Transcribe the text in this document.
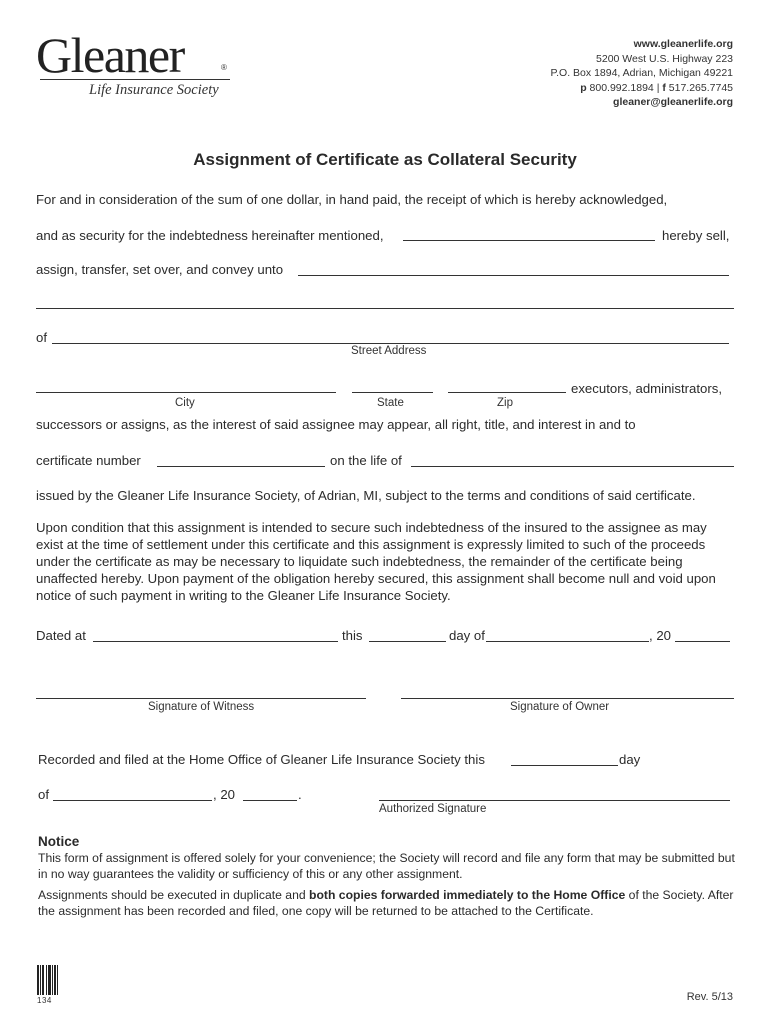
Gleaner	®
Life Insurance Society
www.gleanerlife.org
5200 West U.S. Highway 223
P.O. Box 1894, Adrian, Michigan 49221
p 800.992.1894 | f 517.265.7745
gleaner@gleanerlife.org
Assignment of Certificate as Collateral Security
For and in consideration of the sum of one dollar, in hand paid, the receipt of which is hereby acknowledged,
and as security for the indebtedness hereinafter mentioned,	hereby sell,
assign, transfer, set over, and convey unto
of
Street Address
executors, administrators,
City	State	Zip
successors or assigns, as the interest of said assignee may appear, all right, title, and interest in and to
certificate number	on the life of
issued by the Gleaner Life Insurance Society, of Adrian, MI, subject to the terms and conditions of said certificate.
Upon condition that this assignment is intended to secure such indebtedness of the insured to the assignee as may exist at the time of settlement under this certificate and this assignment is expressly limited to such of the proceeds under the certificate as may be necessary to liquidate such indebtedness, the remainder of the certificate being unaffected hereby. Upon payment of the obligation hereby secured, this assignment shall become null and void upon notice of such payment in writing to the Gleaner Life Insurance Society.
Dated at	this	day of	, 20
Signature of Witness	Signature of Owner
Recorded and filed at the Home Office of Gleaner Life Insurance Society this	day
of	, 20	.
Authorized Signature
Notice
This form of assignment is offered solely for your convenience; the Society will record and file any form that may be submitted but in no way guarantees the validity or sufficiency of this or any other assignment.
Assignments should be executed in duplicate and both copies forwarded immediately to the Home Office of the Society. After the assignment has been recorded and filed, one copy will be returned to be attached to the Certificate.
134	Rev. 5/13
